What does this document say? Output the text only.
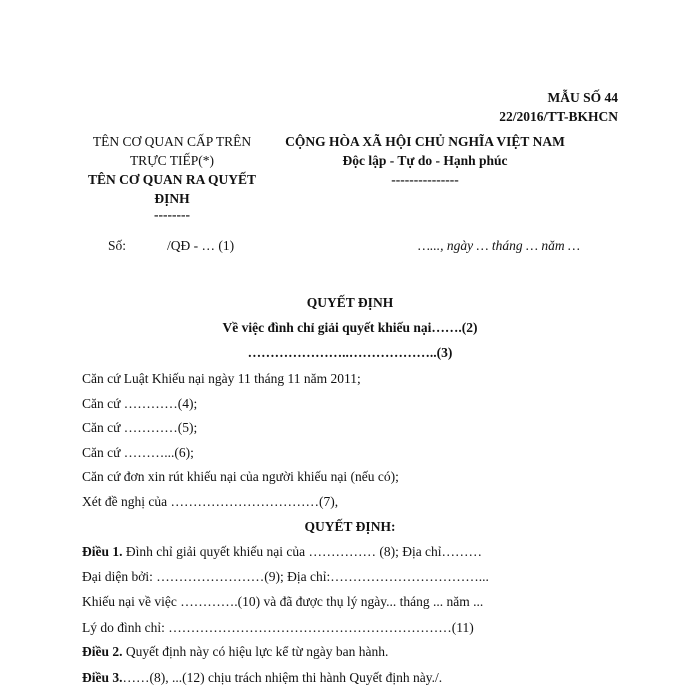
MẪU SỐ 44
22/2016/TT-BKHCN
TÊN CƠ QUAN CẤP TRÊN
TRỰC TIẾP(*)
TÊN CƠ QUAN RA QUYẾT
ĐỊNH
--------
CỘNG HÒA XÃ HỘI CHỦ NGHĨA VIỆT NAM
Độc lập - Tự do - Hạnh phúc
---------------
Số:	/QĐ - … (1)	…..., ngày … tháng … năm …
QUYẾT ĐỊNH
Về việc đình chỉ giải quyết khiếu nại…….(2)
…………………..………………..(3)
Căn cứ Luật Khiếu nại ngày 11 tháng 11 năm 2011;
Căn cứ …………(4);
Căn cứ …………(5);
Căn cứ ………...(6);
Căn cứ đơn xin rút khiếu nại của người khiếu nại (nếu có);
Xét đề nghị của ……………………………(7),
QUYẾT ĐỊNH:
Điều 1. Đình chỉ giải quyết khiếu nại của …………… (8); Địa chỉ………
Đại diện bởi: ……………………(9); Địa chỉ:……………………………...
Khiếu nại về việc ………….(10) và đã được thụ lý ngày... tháng ... năm ...
Lý do đình chỉ: ………………………………………………………(11)
Điều 2. Quyết định này có hiệu lực kể từ ngày ban hành.
Điều 3.……(8), ...(12) chịu trách nhiệm thi hành Quyết định này./.
